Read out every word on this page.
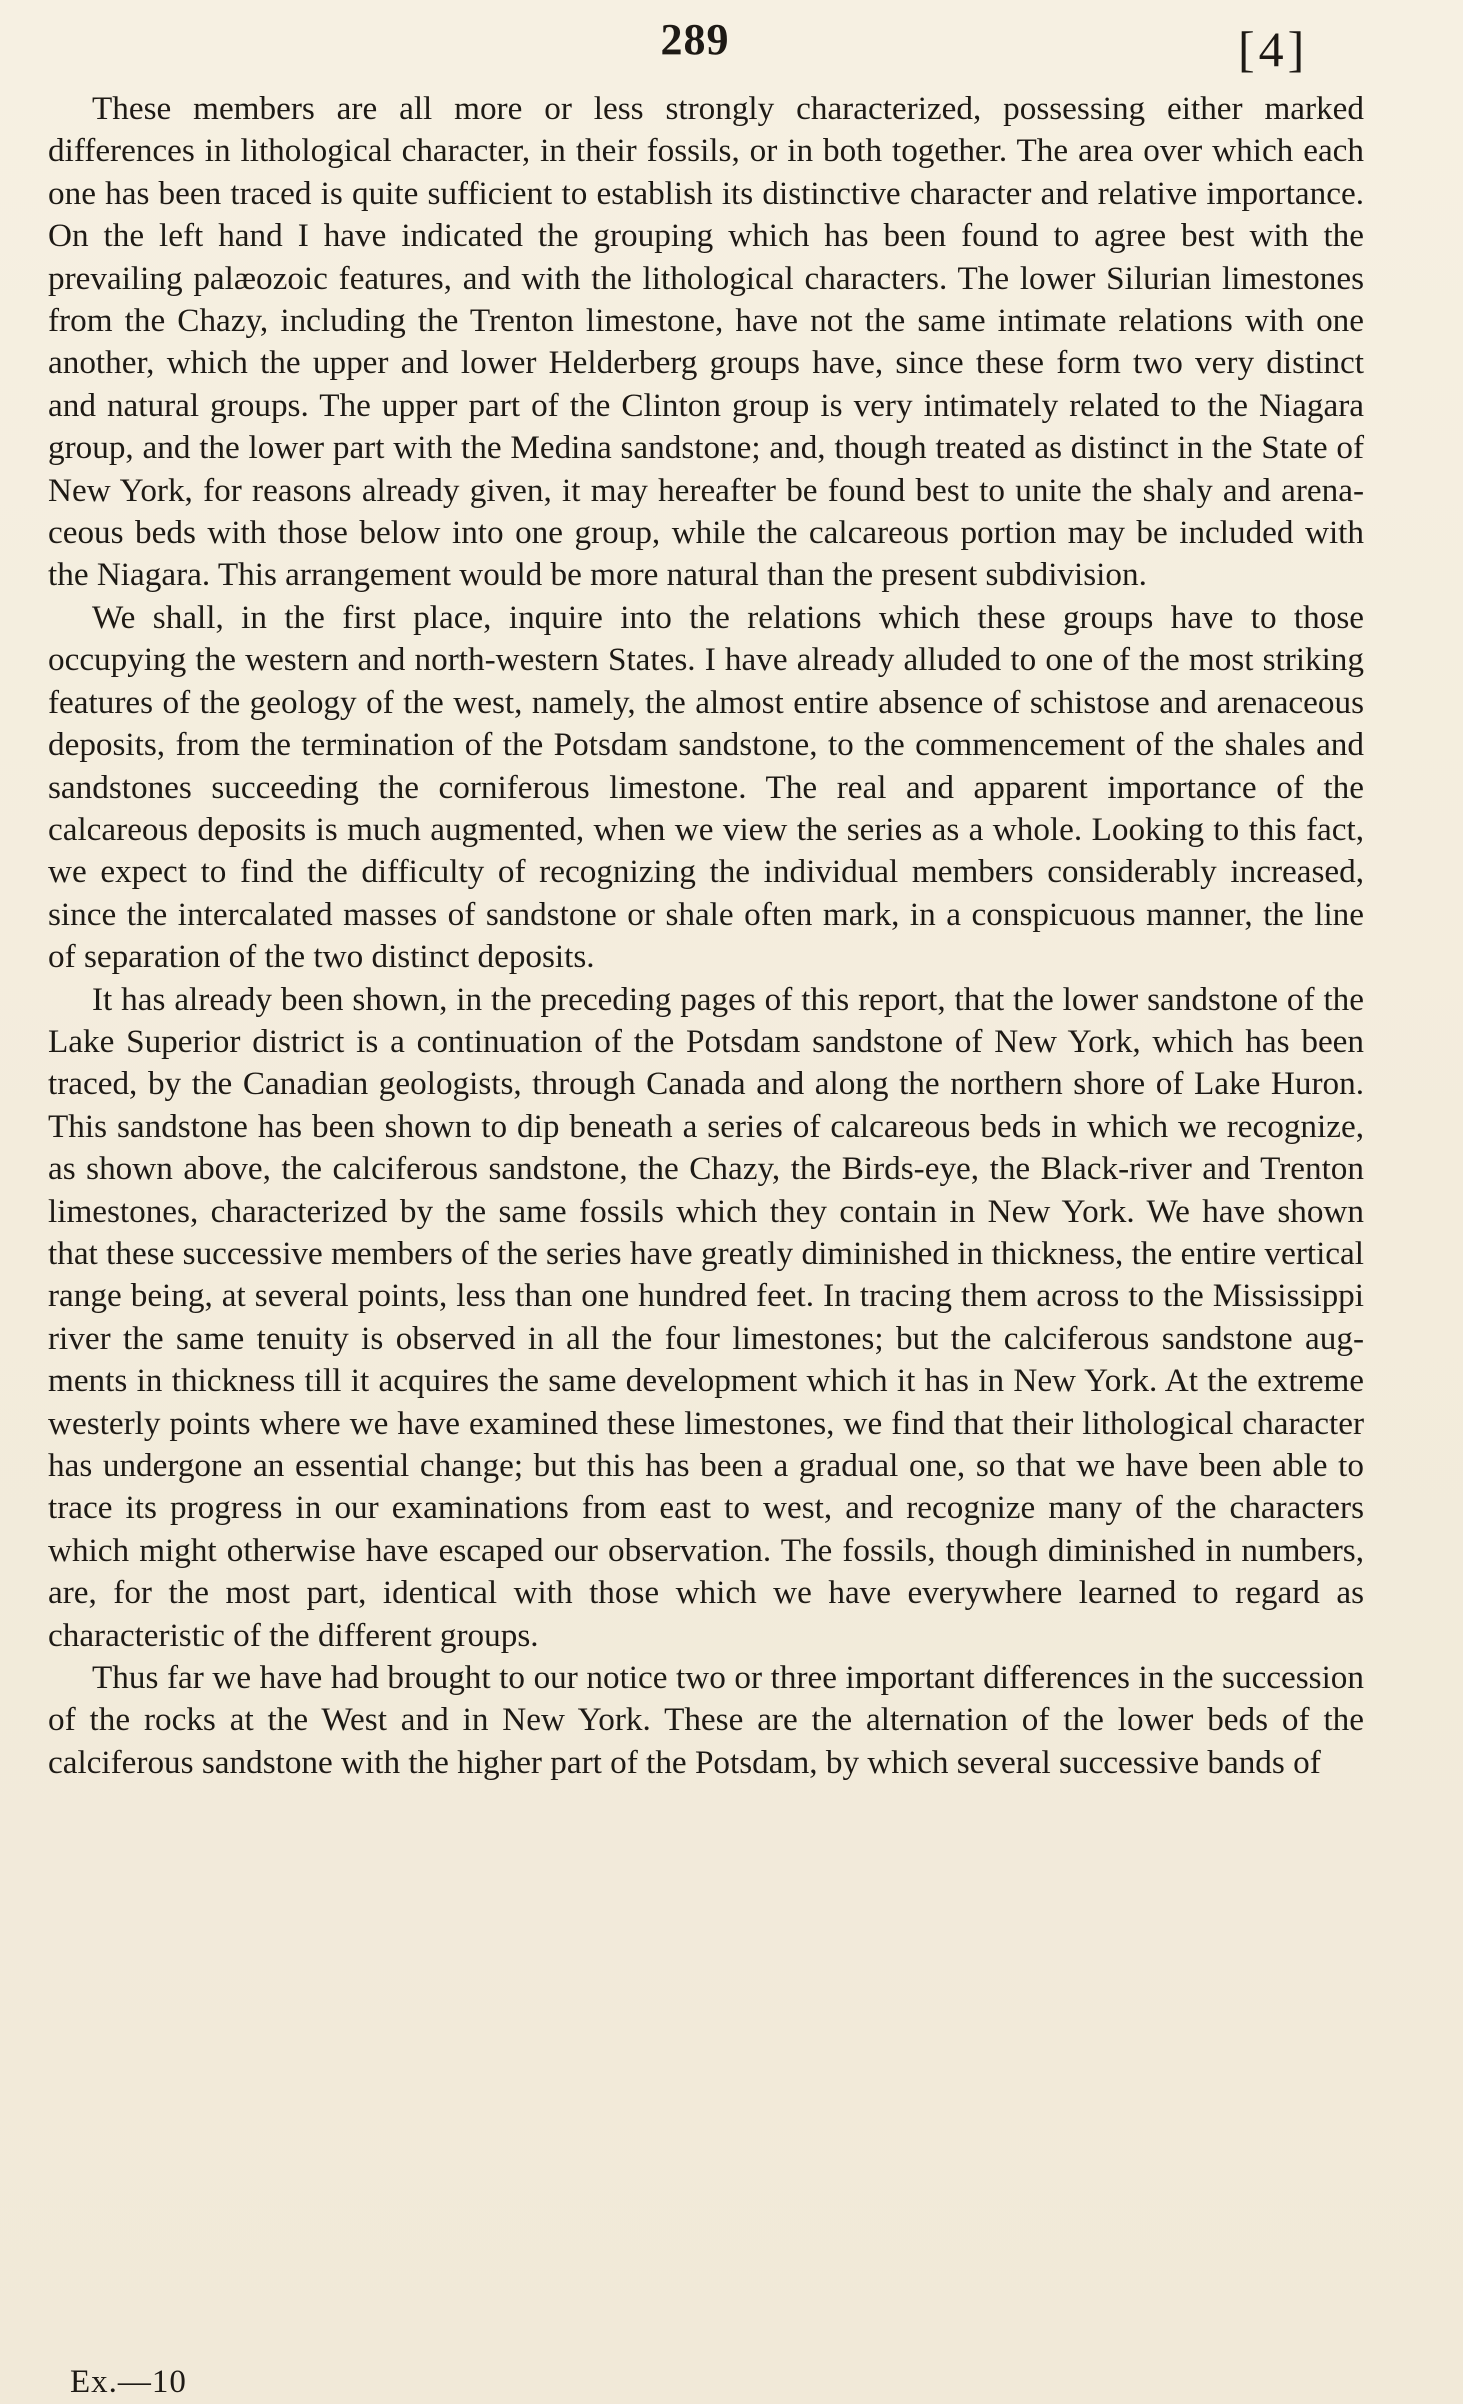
289	[4]

These members are all more or less strongly characterized, possessing either marked differences in lithological character, in their fossils, or in both together. The area over which each one has been traced is quite sufficient to establish its distinctive character and relative importance. On the left hand I have indicated the grouping which has been found to agree best with the prevailing palæozoic features, and with the lithological characters. The lower Silurian limestones from the Chazy, including the Trenton limestone, have not the same intimate relations with one another, which the upper and lower Helderberg groups have, since these form two very distinct and natural groups. The upper part of the Clinton group is very intimately related to the Niagara group, and the lower part with the Medina sandstone; and, though treated as distinct in the State of New York, for reasons already given, it may hereafter be found best to unite the shaly and arenaceous beds with those below into one group, while the calcareous portion may be included with the Niagara. This arrangement would be more natural than the present subdivision.

We shall, in the first place, inquire into the relations which these groups have to those occupying the western and north-western States. I have already alluded to one of the most striking features of the geology of the west, namely, the almost entire absence of schistose and arenaceous deposits, from the termination of the Potsdam sandstone, to the commencement of the shales and sandstones succeeding the corniferous limestone. The real and apparent importance of the calcareous deposits is much augmented, when we view the series as a whole. Looking to this fact, we expect to find the difficulty of recognizing the individual members considerably increased, since the intercalated masses of sandstone or shale often mark, in a conspicuous manner, the line of separation of the two distinct deposits.

It has already been shown, in the preceding pages of this report, that the lower sandstone of the Lake Superior district is a continuation of the Potsdam sandstone of New York, which has been traced, by the Canadian geologists, through Canada and along the northern shore of Lake Huron. This sandstone has been shown to dip beneath a series of calcareous beds in which we recognize, as shown above, the calciferous sandstone, the Chazy, the Birds-eye, the Black-river and Trenton limestones, characterized by the same fossils which they contain in New York. We have shown that these successive members of the series have greatly diminished in thickness, the entire vertical range being, at several points, less than one hundred feet. In tracing them across to the Mississippi river the same tenuity is observed in all the four limestones; but the calciferous sandstone augments in thickness till it acquires the same development which it has in New York. At the extreme westerly points where we have examined these limestones, we find that their lithological character has undergone an essential change; but this has been a gradual one, so that we have been able to trace its progress in our examinations from east to west, and recognize many of the characters which might otherwise have escaped our observation. The fossils, though diminished in numbers, are, for the most part, identical with those which we have everywhere learned to regard as characteristic of the different groups.

Thus far we have had brought to our notice two or three important differences in the succession of the rocks at the West and in New York. These are the alternation of the lower beds of the calciferous sandstone with the higher part of the Potsdam, by which several successive bands of

Ex.—10
